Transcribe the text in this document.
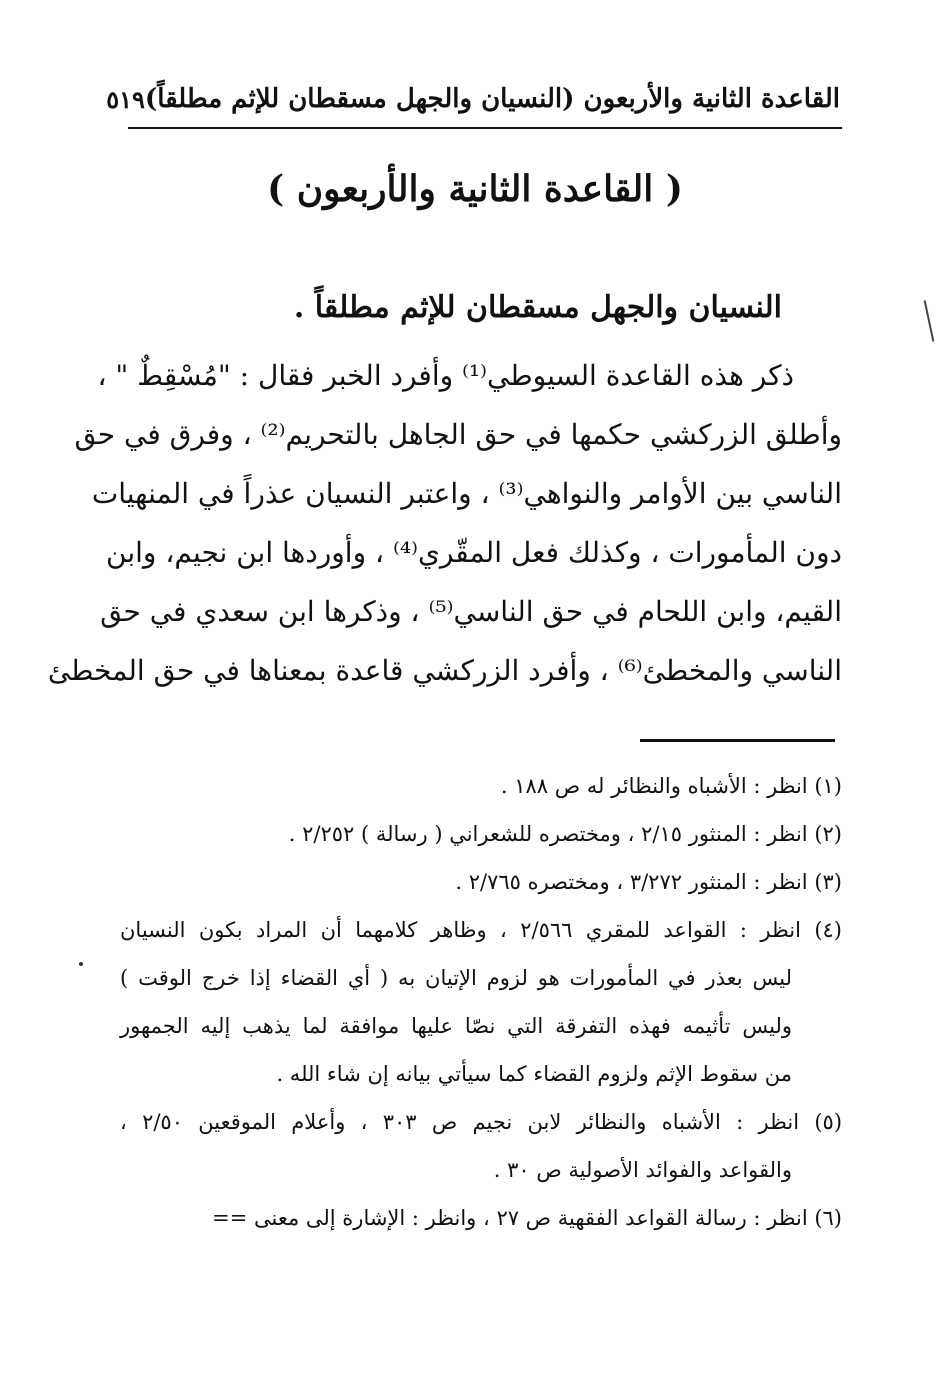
القاعدة الثانية والأربعون (النسيان والجهل مسقطان للإثم مطلقاً)
٥١٩
( القاعدة الثانية والأربعون )
النسيان والجهل مسقطان للإثم مطلقاً .
ذكر هذه القاعدة السيوطي⁽¹⁾ وأفرد الخبر فقال : "مُسْقِطٌ " ،
وأطلق الزركشي حكمها في حق الجاهل بالتحريم⁽²⁾ ، وفرق في حق
الناسي بين الأوامر والنواهي⁽³⁾ ، واعتبر النسيان عذراً في المنهيات
دون المأمورات ، وكذلك فعل المقّري⁽⁴⁾ ، وأوردها ابن نجيم، وابن
القيم، وابن اللحام في حق الناسي⁽⁵⁾ ، وذكرها ابن سعدي في حق
الناسي والمخطئ⁽⁶⁾ ، وأفرد الزركشي قاعدة بمعناها في حق المخطئ
(١) انظر : الأشباه والنظائر له ص ١٨٨ .
(٢) انظر : المنثور ٢/١٥ ، ومختصره للشعراني ( رسالة ) ٢/٢٥٢ .
(٣) انظر : المنثور ٣/٢٧٢ ، ومختصره ٢/٧٦٥ .
(٤) انظر : القواعد للمقري ٢/٥٦٦ ، وظاهر كلامهما أن المراد بكون النسيان
ليس بعذر في المأمورات هو لزوم الإتيان به ( أي القضاء إذا خرج الوقت )
وليس تأثيمه فهذه التفرقة التي نصّا عليها موافقة لما يذهب إليه الجمهور
من سقوط الإثم ولزوم القضاء كما سيأتي بيانه إن شاء الله .
(٥) انظر : الأشباه والنظائر لابن نجيم ص ٣٠٣ ، وأعلام الموقعين ٢/٥٠ ،
والقواعد والفوائد الأصولية ص ٣٠ .
(٦) انظر : رسالة القواعد الفقهية ص ٢٧ ، وانظر : الإشارة إلى معنى ==
